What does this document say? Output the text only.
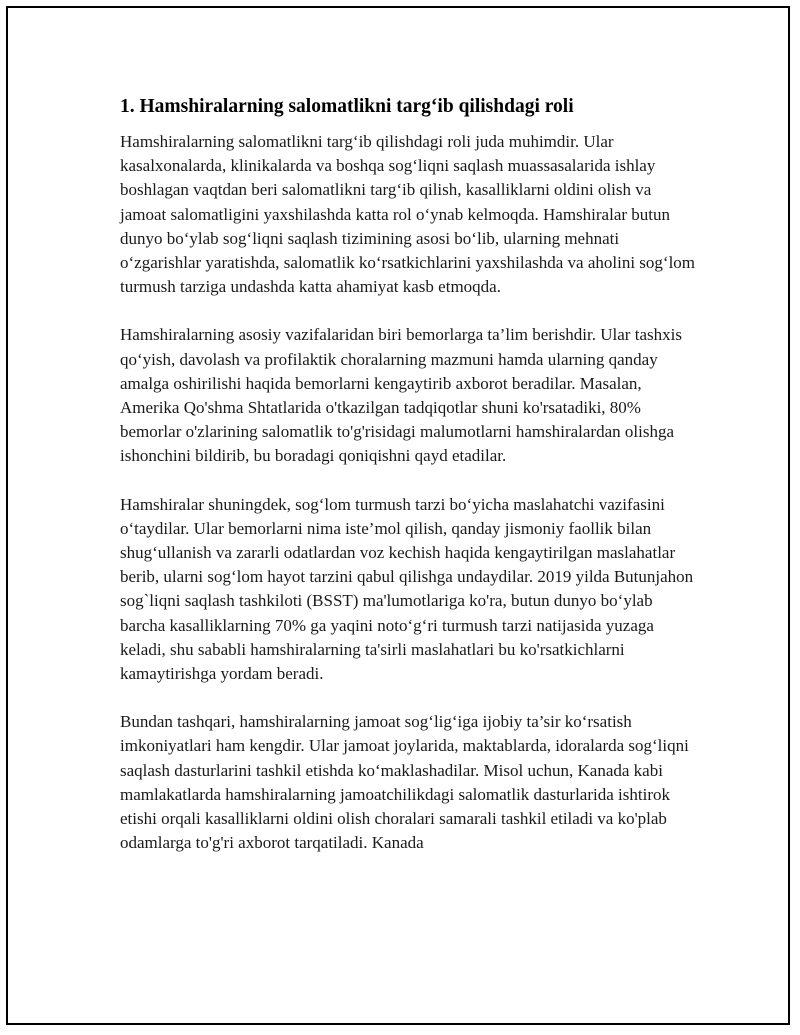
1. Hamshiralarning salomatlikni targ‘ib qilishdagi roli

Hamshiralarning salomatlikni targ‘ib qilishdagi roli juda muhimdir. Ular kasalxonalarda, klinikalarda va boshqa sog‘liqni saqlash muassasalarida ishlay boshlagan vaqtdan beri salomatlikni targ‘ib qilish, kasalliklarni oldini olish va jamoat salomatligini yaxshilashda katta rol o‘ynab kelmoqda. Hamshiralar butun dunyo bo‘ylab sog‘liqni saqlash tizimining asosi bo‘lib, ularning mehnati o‘zgarishlar yaratishda, salomatlik ko‘rsatkichlarini yaxshilashda va aholini sog‘lom turmush tarziga undashda katta ahamiyat kasb etmoqda.

Hamshiralarning asosiy vazifalaridan biri bemorlarga ta’lim berishdir. Ular tashxis qo‘yish, davolash va profilaktik choralarning mazmuni hamda ularning qanday amalga oshirilishi haqida bemorlarni kengaytirib axborot beradilar. Masalan, Amerika Qo'shma Shtatlarida o'tkazilgan tadqiqotlar shuni ko'rsatadiki, 80% bemorlar o'zlarining salomatlik to'g'risidagi malumotlarni hamshiralardan olishga ishonchini bildirib, bu boradagi qoniqishni qayd etadilar.

Hamshiralar shuningdek, sog‘lom turmush tarzi bo‘yicha maslahatchi vazifasini o‘taydilar. Ular bemorlarni nima iste’mol qilish, qanday jismoniy faollik bilan shug‘ullanish va zararli odatlardan voz kechish haqida kengaytirilgan maslahatlar berib, ularni sog‘lom hayot tarzini qabul qilishga undaydilar. 2019 yilda Butunjahon sog`liqni saqlash tashkiloti (BSST) ma'lumotlariga ko'ra, butun dunyo bo‘ylab barcha kasalliklarning 70% ga yaqini noto‘g‘ri turmush tarzi natijasida yuzaga keladi, shu sababli hamshiralarning ta'sirli maslahatlari bu ko'rsatkichlarni kamaytirishga yordam beradi.

Bundan tashqari, hamshiralarning jamoat sog‘lig‘iga ijobiy ta’sir ko‘rsatish imkoniyatlari ham kengdir. Ular jamoat joylarida, maktablarda, idoralarda sog‘liqni saqlash dasturlarini tashkil etishda ko‘maklashadilar. Misol uchun, Kanada kabi mamlakatlarda hamshiralarning jamoatchilikdagi salomatlik dasturlarida ishtirok etishi orqali kasalliklarni oldini olish choralari samarali tashkil etiladi va ko'plab odamlarga to'g'ri axborot tarqatiladi. Kanada
